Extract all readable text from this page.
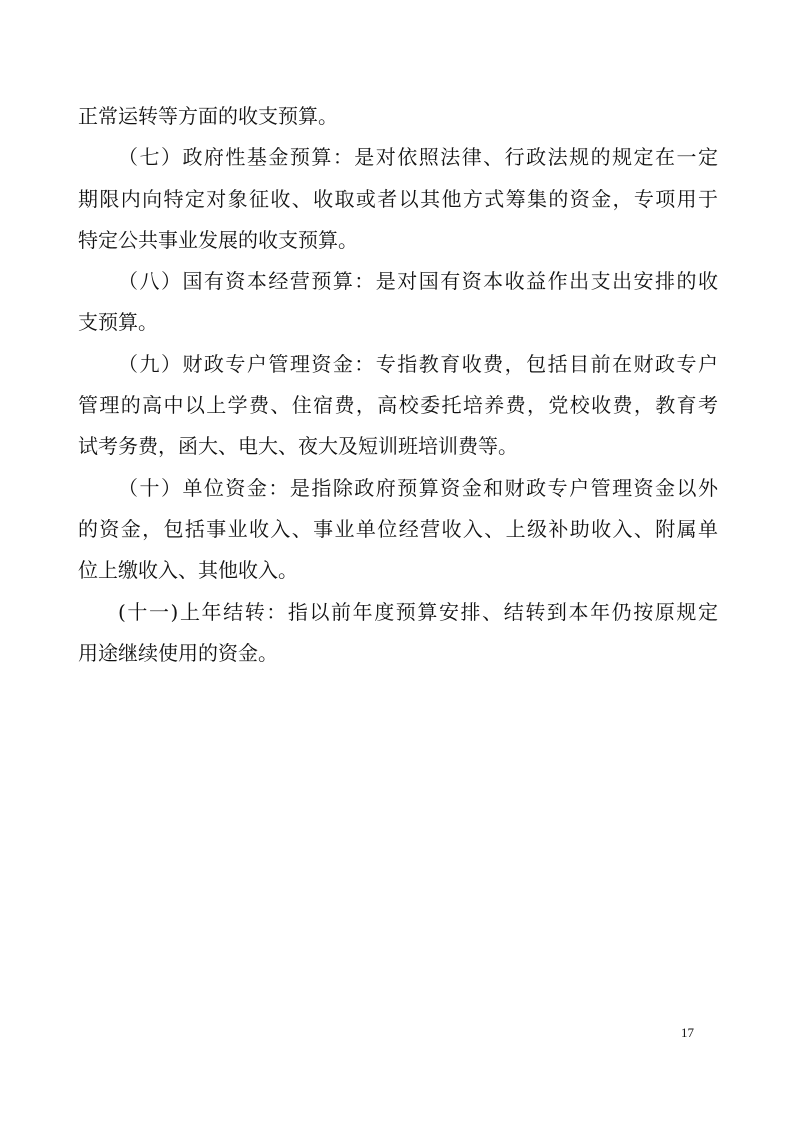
正常运转等方面的收支预算。
（七）政府性基金预算：是对依照法律、行政法规的规定在一定
期限内向特定对象征收、收取或者以其他方式筹集的资金，专项用于
特定公共事业发展的收支预算。
（八）国有资本经营预算：是对国有资本收益作出支出安排的收
支预算。
（九）财政专户管理资金：专指教育收费，包括目前在财政专户
管理的高中以上学费、住宿费，高校委托培养费，党校收费，教育考
试考务费，函大、电大、夜大及短训班培训费等。
（十）单位资金：是指除政府预算资金和财政专户管理资金以外
的资金，包括事业收入、事业单位经营收入、上级补助收入、附属单
位上缴收入、其他收入。
(十一)上年结转：指以前年度预算安排、结转到本年仍按原规定
用途继续使用的资金。
17
